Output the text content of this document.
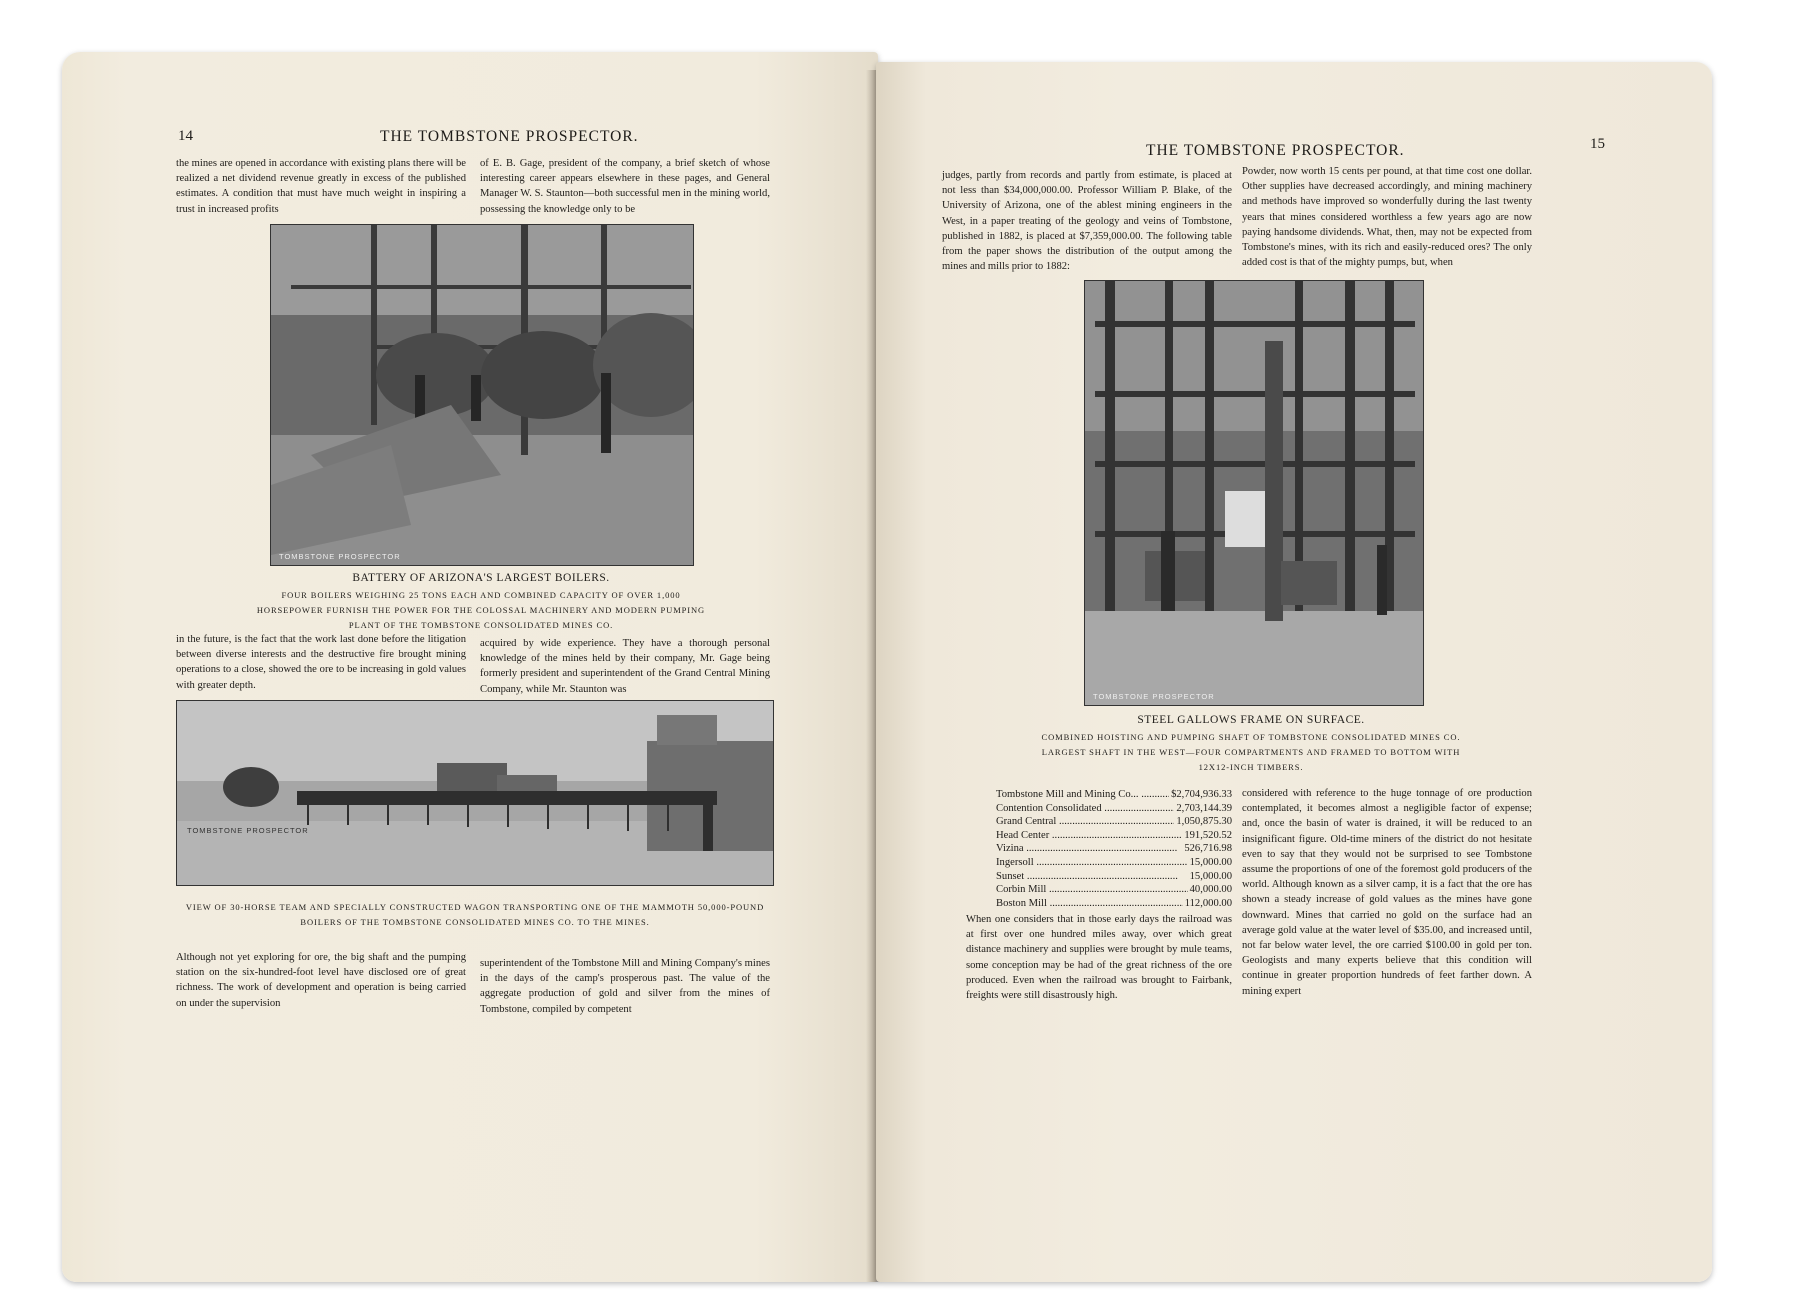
14	THE TOMBSTONE PROSPECTOR.

the mines are opened in accordance with existing plans there will be realized a net dividend revenue greatly in excess of the published estimates. A condition that must have much weight in inspiring a trust in increased profits

of E. B. Gage, president of the company, a brief sketch of whose interesting career appears elsewhere in these pages, and General Manager W. S. Staunton—both successful men in the mining world, possessing the knowledge only to be

TOMBSTONE PROSPECTOR
BATTERY OF ARIZONA'S LARGEST BOILERS.
FOUR BOILERS WEIGHING 25 TONS EACH AND COMBINED CAPACITY OF OVER 1,000 HORSEPOWER FURNISH THE POWER FOR THE COLOSSAL MACHINERY AND MODERN PUMPING PLANT OF THE TOMBSTONE CONSOLIDATED MINES CO.

in the future, is the fact that the work last done before the litigation between diverse interests and the destructive fire brought mining operations to a close, showed the ore to be increasing in gold values with greater depth.

acquired by wide experience. They have a thorough personal knowledge of the mines held by their company, Mr. Gage being formerly president and superintendent of the Grand Central Mining Company, while Mr. Staunton was

TOMBSTONE PROSPECTOR
VIEW OF 30-HORSE TEAM AND SPECIALLY CONSTRUCTED WAGON TRANSPORTING ONE OF THE MAMMOTH 50,000-POUND BOILERS OF THE TOMBSTONE CONSOLIDATED MINES CO. TO THE MINES.

Although not yet exploring for ore, the big shaft and the pumping station on the six-hundred-foot level have disclosed ore of great richness. The work of development and operation is being carried on under the supervision

superintendent of the Tombstone Mill and Mining Company's mines in the days of the camp's prosperous past. The value of the aggregate production of gold and silver from the mines of Tombstone, compiled by competent

THE TOMBSTONE PROSPECTOR.	15

judges, partly from records and partly from estimate, is placed at not less than $34,000,000.00. Professor William P. Blake, of the University of Arizona, one of the ablest mining engineers in the West, in a paper treating of the geology and veins of Tombstone, published in 1882, is placed at $7,359,000.00. The following table from the paper shows the distribution of the output among the mines and mills prior to 1882:

Powder, now worth 15 cents per pound, at that time cost one dollar. Other supplies have decreased accordingly, and mining machinery and methods have improved so wonderfully during the last twenty years that mines considered worthless a few years ago are now paying handsome dividends. What, then, may not be expected from Tombstone's mines, with its rich and easily-reduced ores? The only added cost is that of the mighty pumps, but, when

TOMBSTONE PROSPECTOR
STEEL GALLOWS FRAME ON SURFACE.
COMBINED HOISTING AND PUMPING SHAFT OF TOMBSTONE CONSOLIDATED MINES CO. LARGEST SHAFT IN THE WEST—FOUR COMPARTMENTS AND FRAMED TO BOTTOM WITH 12X12-INCH TIMBERS.
Tombstone Mill and Mining Co... .....	$2,704,936.33
Contention Consolidated .....	2,703,144.39
Grand Central .....	1,050,875.30
Head Center .....	191,520.52
Vizina .....	526,716.98
Ingersoll .....	15,000.00
Sunset .....	15,000.00
Corbin Mill .....	40,000.00
Boston Mill .....	112,000.00

When one considers that in those early days the railroad was at first over one hundred miles away, over which great distance machinery and supplies were brought by mule teams, some conception may be had of the great richness of the ore produced. Even when the railroad was brought to Fairbank, freights were still disastrously high.

considered with reference to the huge tonnage of ore production contemplated, it becomes almost a negligible factor of expense; and, once the basin of water is drained, it will be reduced to an insignificant figure. Old-time miners of the district do not hesitate even to say that they would not be surprised to see Tombstone assume the proportions of one of the foremost gold producers of the world. Although known as a silver camp, it is a fact that the ore has shown a steady increase of gold values as the mines have gone downward. Mines that carried no gold on the surface had an average gold value at the water level of $35.00, and increased until, not far below water level, the ore carried $100.00 in gold per ton. Geologists and many experts believe that this condition will continue in greater proportion hundreds of feet farther down. A mining expert
